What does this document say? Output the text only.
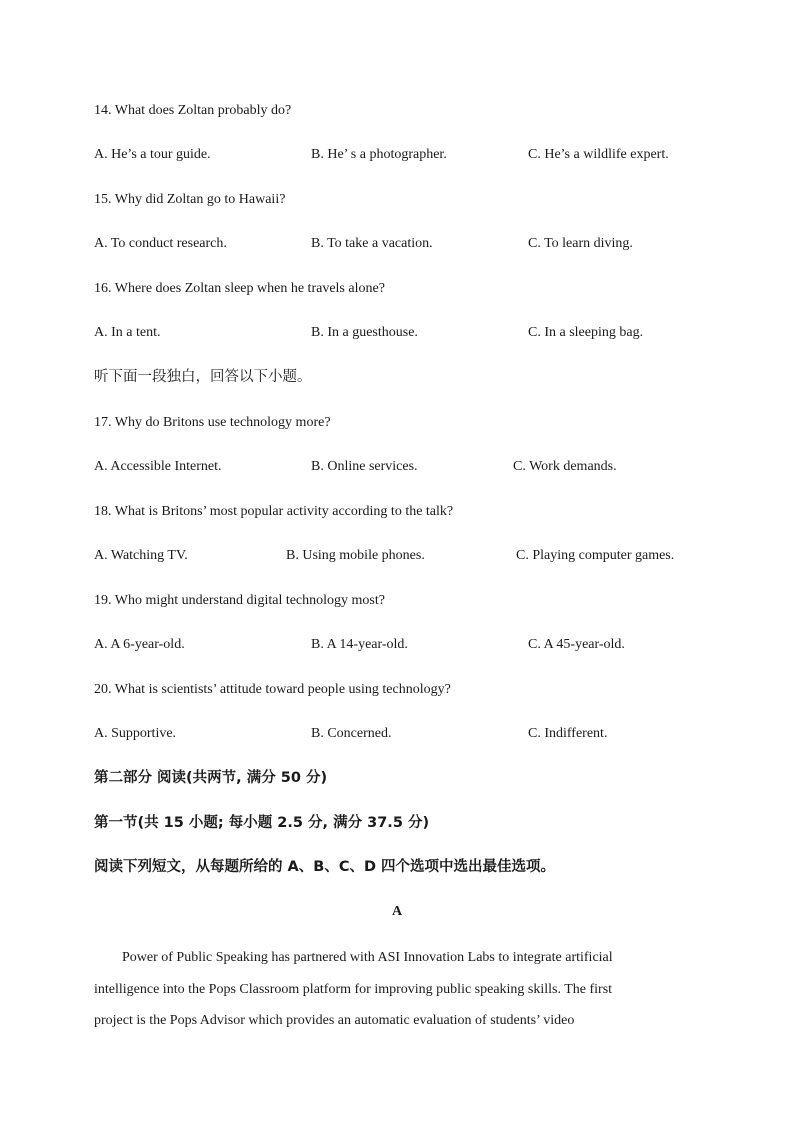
14. What does Zoltan probably do?
A. He’s a tour guide.	B. He’ s a photographer.	C. He’s a wildlife expert.
15. Why did Zoltan go to Hawaii?
A. To conduct research.	B. To take a vacation.	C. To learn diving.
16. Where does Zoltan sleep when he travels alone?
A. In a tent.	B. In a guesthouse.	C. In a sleeping bag.
听下面一段独白，回答以下小题。
17. Why do Britons use technology more?
A. Accessible Internet.	B. Online services.	C. Work demands.
18. What is Britons’ most popular activity according to the talk?
A. Watching TV.	B. Using mobile phones.	C. Playing computer games.
19. Who might understand digital technology most?
A. A 6-year-old.	B. A 14-year-old.	C. A 45-year-old.
20. What is scientists’ attitude toward people using technology?
A. Supportive.	B. Concerned.	C. Indifferent.
第二部分 阅读(共两节, 满分 50 分)
第一节(共 15 小题; 每小题 2.5 分, 满分 37.5 分)
阅读下列短文，从每题所给的 A、B、C、D 四个选项中选出最佳选项。
A
Power of Public Speaking has partnered with ASI Innovation Labs to integrate artificial
intelligence into the Pops Classroom platform for improving public speaking skills. The first
project is the Pops Advisor which provides an automatic evaluation of students’ video
